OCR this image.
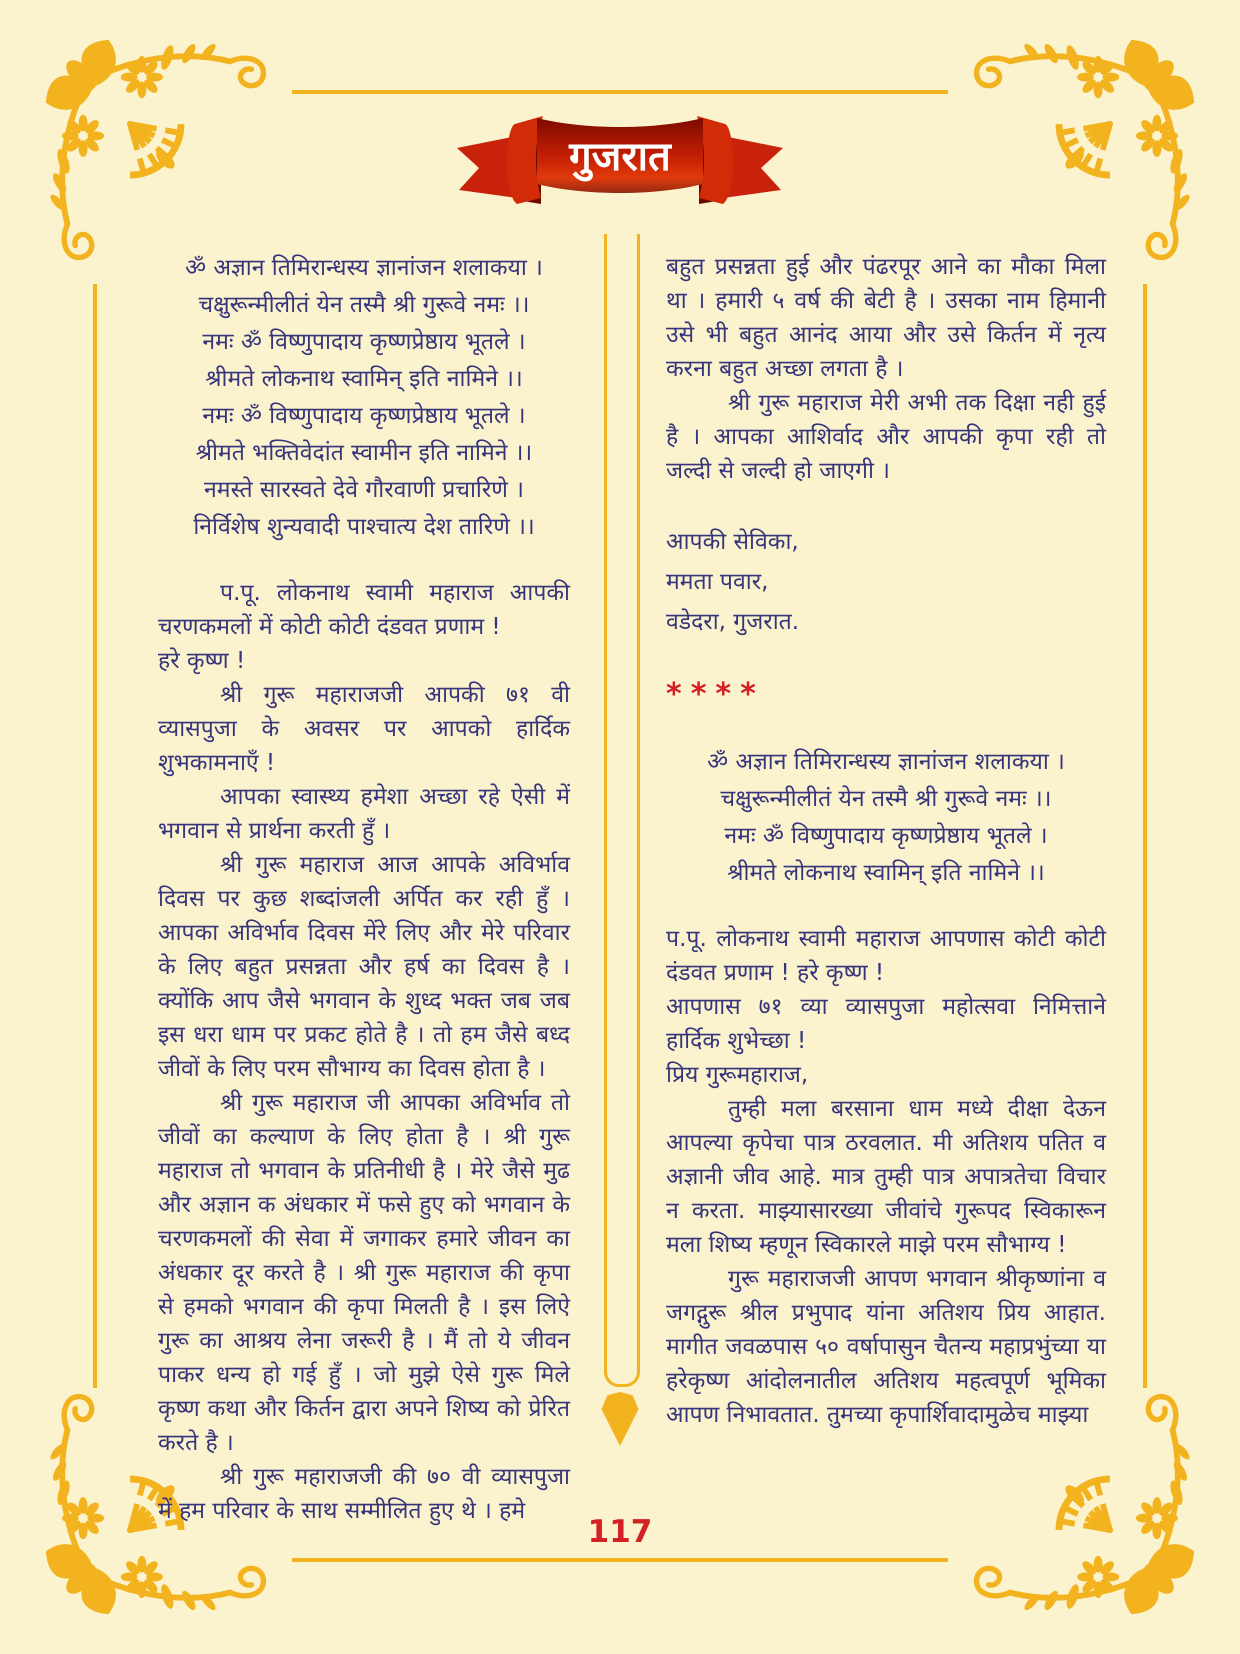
गुजरात
ॐ अज्ञान तिमिरान्धस्य ज्ञानांजन शलाकया ।
चक्षुरून्मीलीतं येन तस्मै श्री गुरूवे नमः ।।
नमः ॐ विष्णुपादाय कृष्णप्रेष्ठाय भूतले ।
श्रीमते लोकनाथ स्वामिन् इति नामिने ।।
नमः ॐ विष्णुपादाय कृष्णप्रेष्ठाय भूतले ।
श्रीमते भक्तिवेदांत स्वामीन इति नामिने ।।
नमस्ते सारस्वते देवे गौरवाणी प्रचारिणे ।
निर्विशेष शुन्यवादी पाश्चात्य देश तारिणे ।।

प.पू. लोकनाथ स्वामी महाराज आपकी चरणकमलों में कोटी कोटी दंडवत प्रणाम !

हरे कृष्ण !

श्री गुरू महाराजजी आपकी ७१ वी व्यासपुजा के अवसर पर आपको हार्दिक शुभकामनाएँ !

आपका स्वास्थ्य हमेशा अच्छा रहे ऐसी में भगवान से प्रार्थना करती हुँ ।

श्री गुरू महाराज आज आपके अविर्भाव दिवस पर कुछ शब्दांजली अर्पित कर रही हुँ । आपका अविर्भाव दिवस मेंरे लिए और मेरे परिवार के लिए बहुत प्रसन्नता और हर्ष का दिवस है । क्योंकि आप जैसे भगवान के शुध्द भक्त जब जब इस धरा धाम पर प्रकट होते है । तो हम जैसे बध्द जीवों के लिए परम सौभाग्य का दिवस होता है ।

श्री गुरू महाराज जी आपका अविर्भाव तो जीवों का कल्याण के लिए होता है । श्री गुरू महाराज तो भगवान के प्रतिनीधी है । मेरे जैसे मुढ और अज्ञान क अंधकार में फसे हुए को भगवान के चरणकमलों की सेवा में जगाकर हमारे जीवन का अंधकार दूर करते है । श्री गुरू महाराज की कृपा से हमको भगवान की कृपा मिलती है । इस लिऐ गुरू का आश्रय लेना जरूरी है । मैं तो ये जीवन पाकर धन्य हो गई हुँ । जो मुझे ऐसे गुरू मिले कृष्ण कथा और किर्तन द्वारा अपने शिष्य को प्रेरित करते है ।

श्री गुरू महाराजजी की ७० वी व्यासपुजा में हम परिवार के साथ सम्मीलित हुए थे । हमे

बहुत प्रसन्नता हुई और पंढरपूर आने का मौका मिला था । हमारी ५ वर्ष की बेटी है । उसका नाम हिमानी उसे भी बहुत आनंद आया और उसे किर्तन में नृत्य करना बहुत अच्छा लगता है ।

श्री गुरू महाराज मेरी अभी तक दिक्षा नही हुई है । आपका आशिर्वाद और आपकी कृपा रही तो जल्दी से जल्दी हो जाएगी ।

आपकी सेविका,
ममता पवार,
वडेदरा, गुजरात.
****
ॐ अज्ञान तिमिरान्धस्य ज्ञानांजन शलाकया ।
चक्षुरून्मीलीतं येन तस्मै श्री गुरूवे नमः ।।
नमः ॐ विष्णुपादाय कृष्णप्रेष्ठाय भूतले ।
श्रीमते लोकनाथ स्वामिन् इति नामिने ।।

प.पू. लोकनाथ स्वामी महाराज आपणास कोटी कोटी दंडवत प्रणाम ! हरे कृष्ण !

आपणास ७१ व्या व्यासपुजा महोत्सवा निमित्ताने हार्दिक शुभेच्छा !

प्रिय गुरूमहाराज,

तुम्ही मला बरसाना धाम मध्ये दीक्षा देऊन आपल्या कृपेचा पात्र ठरवलात. मी अतिशय पतित व अज्ञानी जीव आहे. मात्र तुम्ही पात्र अपात्रतेचा विचार न करता. माझ्यासारख्या जीवांचे गुरूपद स्विकारून मला शिष्य म्हणून स्विकारले माझे परम सौभाग्य !

गुरू महाराजजी आपण भगवान श्रीकृष्णांना व जगद्गुरू श्रील प्रभुपाद यांना अतिशय प्रिय आहात. मागीत जवळपास ५० वर्षापासुन चैतन्य महाप्रभुंच्या या हरेकृष्ण आंदोलनातील अतिशय महत्वपूर्ण भूमिका आपण निभावतात. तुमच्या कृपार्शिवादामुळेच माझ्या

117
